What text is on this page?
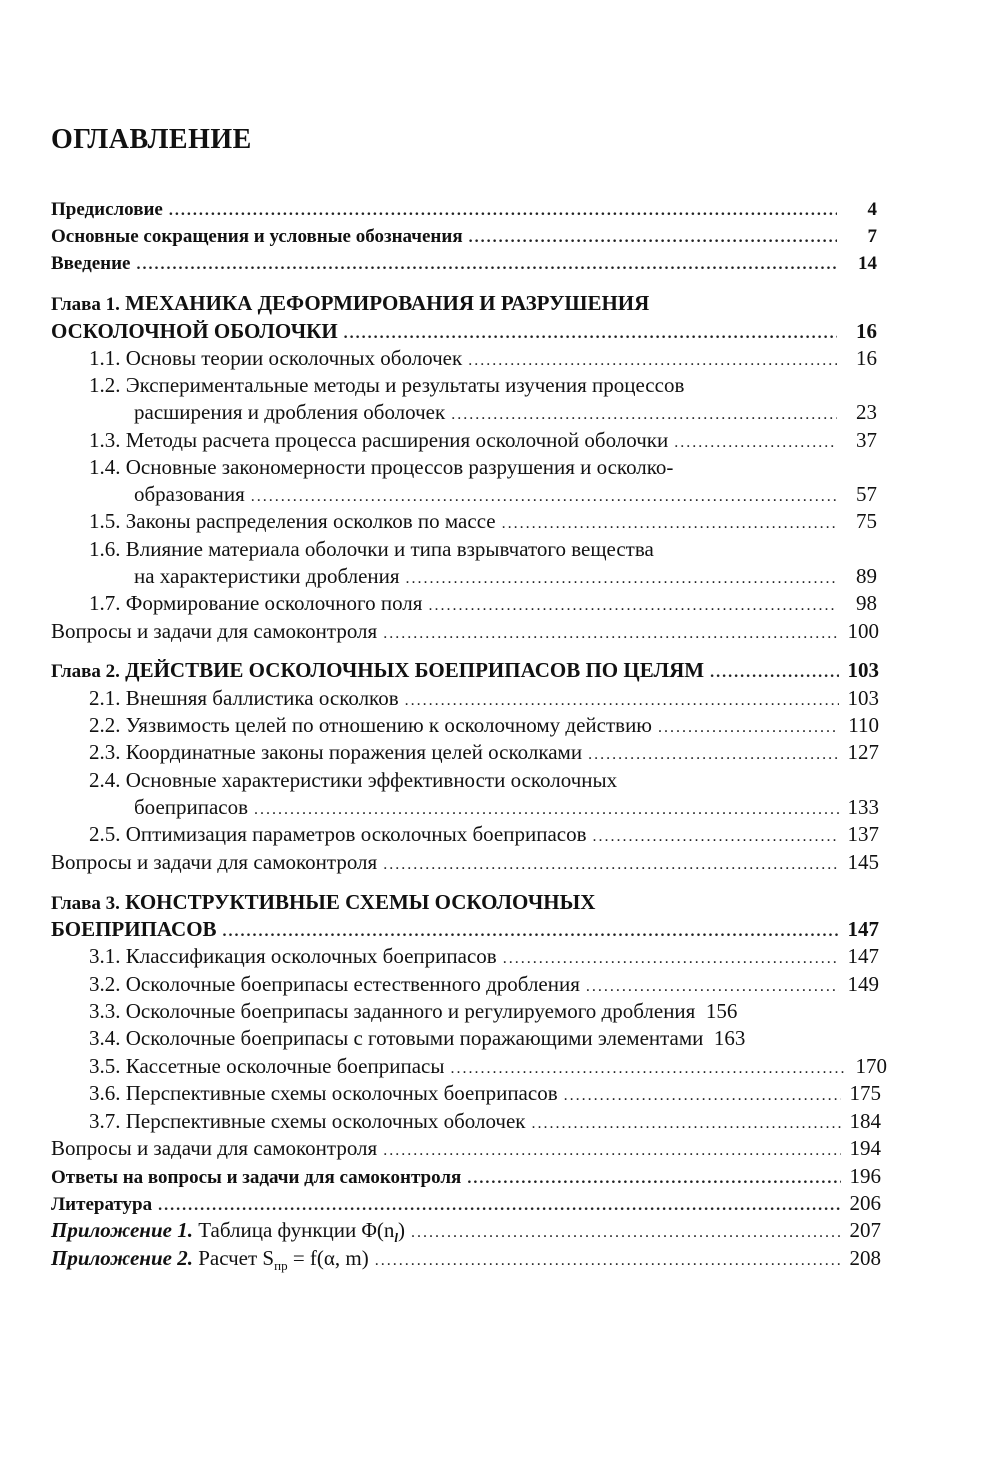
ОГЛАВЛЕНИЕ
Предисловие .....	4
Основные сокращения и условные обозначения .....	7
Введение .....	14
Глава 1. МЕХАНИКА ДЕФОРМИРОВАНИЯ И РАЗРУШЕНИЯ
ОСКОЛОЧНОЙ ОБОЛОЧКИ .....	16
1.1. Основы теории осколочных оболочек .....	16
1.2. Экспериментальные методы и результаты изучения процессов
расширения и дробления оболочек .....	23
1.3. Методы расчета процесса расширения осколочной оболочки .....	37
1.4. Основные закономерности процессов разрушения и осколко-
образования .....	57
1.5. Законы распределения осколков по массе .....	75
1.6. Влияние материала оболочки и типа взрывчатого вещества
на характеристики дробления .....	89
1.7. Формирование осколочного поля .....	98
Вопросы и задачи для самоконтроля .....	100
Глава 2. ДЕЙСТВИЕ ОСКОЛОЧНЫХ БОЕПРИПАСОВ ПО ЦЕЛЯМ .....	103
2.1. Внешняя баллистика осколков .....	103
2.2. Уязвимость целей по отношению к осколочному действию .....	110
2.3. Координатные законы поражения целей осколками .....	127
2.4. Основные характеристики эффективности осколочных
боеприпасов .....	133
2.5. Оптимизация параметров осколочных боеприпасов .....	137
Вопросы и задачи для самоконтроля .....	145
Глава 3. КОНСТРУКТИВНЫЕ СХЕМЫ ОСКОЛОЧНЫХ
БОЕПРИПАСОВ .....	147
3.1. Классификация осколочных боеприпасов .....	147
3.2. Осколочные боеприпасы естественного дробления .....	149
3.3. Осколочные боеприпасы заданного и регулируемого дробления 156
3.4. Осколочные боеприпасы с готовыми поражающими элементами 163
3.5. Кассетные осколочные боеприпасы .....	170
3.6. Перспективные схемы осколочных боеприпасов .....	175
3.7. Перспективные схемы осколочных оболочек .....	184
Вопросы и задачи для самоконтроля .....	194
Ответы на вопросы и задачи для самоконтроля .....	196
Литература .....	206
Приложение 1. Таблица функции $\Phi(n_l)$ .....	207
Приложение 2. Расчет $S_{пр} = f(\alpha$, m) .....	208
